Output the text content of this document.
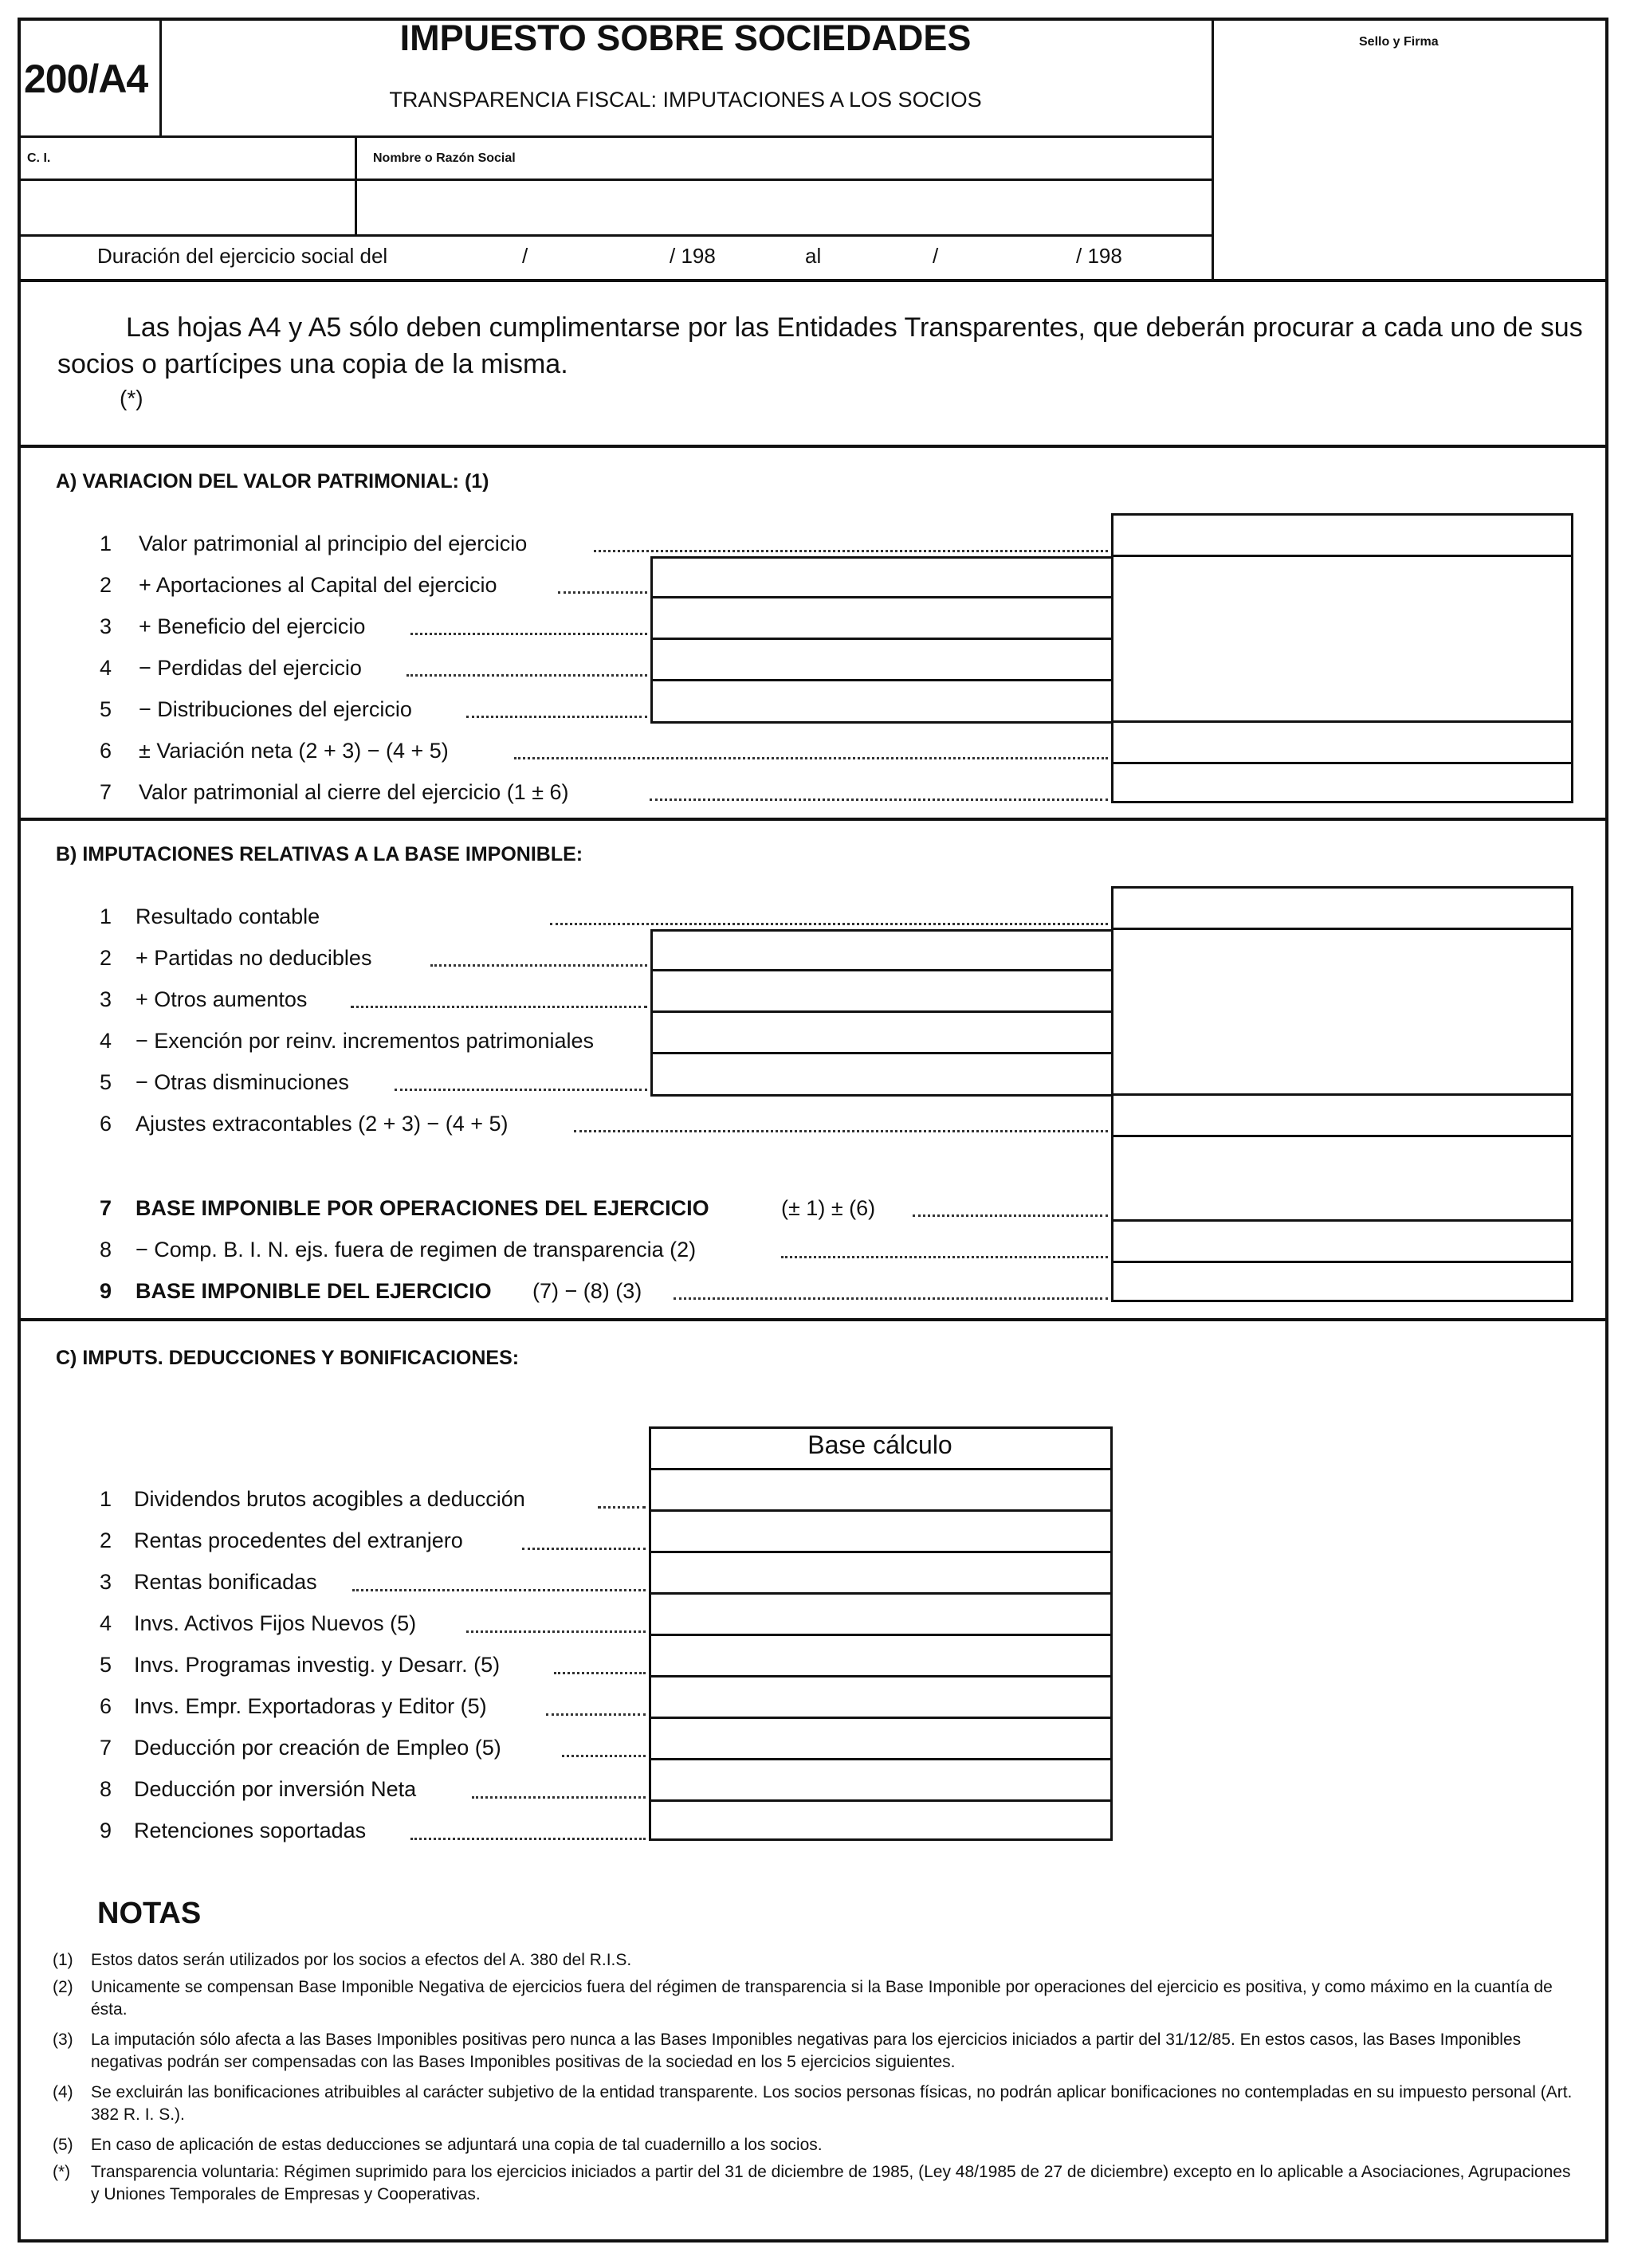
200/A4
IMPUESTO SOBRE SOCIEDADES
TRANSPARENCIA FISCAL: IMPUTACIONES A LOS SOCIOS
Sello y Firma
C. I.	Nombre o Razón Social
Duración del ejercicio social del	/	/ 198	al	/	/ 198
Las hojas A4 y A5 sólo deben cumplimentarse por las Entidades Transparentes, que deberán procurar a cada uno de sus socios o partícipes una copia de la misma.
(*)
A) VARIACION DEL VALOR PATRIMONIAL: (1)
1 Valor patrimonial al principio del ejercicio
2 + Aportaciones al Capital del ejercicio
3 + Beneficio del ejercicio
4 − Perdidas del ejercicio
5 − Distribuciones del ejercicio
6 ± Variación neta (2 + 3) − (4 + 5)
7 Valor patrimonial al cierre del ejercicio (1 ± 6)
B) IMPUTACIONES RELATIVAS A LA BASE IMPONIBLE:
1 Resultado contable
2 + Partidas no deducibles
3 + Otros aumentos
4 − Exención por reinv. incrementos patrimoniales
5 − Otras disminuciones
6 Ajustes extracontables (2 + 3) − (4 + 5)
7 BASE IMPONIBLE POR OPERACIONES DEL EJERCICIO	(± 1) ± (6)
8 − Comp. B. I. N. ejs. fuera de regimen de transparencia (2)
9 BASE IMPONIBLE DEL EJERCICIO (7) − (8) (3)
C) IMPUTS. DEDUCCIONES Y BONIFICACIONES:
Base cálculo
1 Dividendos brutos acogibles a deducción
2 Rentas procedentes del extranjero
3 Rentas bonificadas
4 Invs. Activos Fijos Nuevos (5)
5 Invs. Programas investig. y Desarr. (5)
6 Invs. Empr. Exportadoras y Editor (5)
7 Deducción por creación de Empleo (5)
8 Deducción por inversión Neta
9 Retenciones soportadas
NOTAS
(1)	Estos datos serán utilizados por los socios a efectos del A. 380 del R.I.S.
(2)	Unicamente se compensan Base Imponible Negativa de ejercicios fuera del régimen de transparencia si la Base Imponible por operaciones del ejercicio es positiva, y como máximo en la cuantía de ésta.
(3)	La imputación sólo afecta a las Bases Imponibles positivas pero nunca a las Bases Imponibles negativas para los ejercicios iniciados a partir del 31/12/85. En estos casos, las Bases Imponibles negativas podrán ser compensadas con las Bases Imponibles positivas de la sociedad en los 5 ejercicios siguientes.
(4)	Se excluirán las bonificaciones atribuibles al carácter subjetivo de la entidad transparente. Los socios personas físicas, no podrán aplicar bonificaciones no contempladas en su impuesto personal (Art. 382 R. I. S.).
(5)	En caso de aplicación de estas deducciones se adjuntará una copia de tal cuadernillo a los socios.
(*)	Transparencia voluntaria: Régimen suprimido para los ejercicios iniciados a partir del 31 de diciembre de 1985, (Ley 48/1985 de 27 de diciembre) excepto en lo aplicable a Asociaciones, Agrupaciones y Uniones Temporales de Empresas y Cooperativas.
